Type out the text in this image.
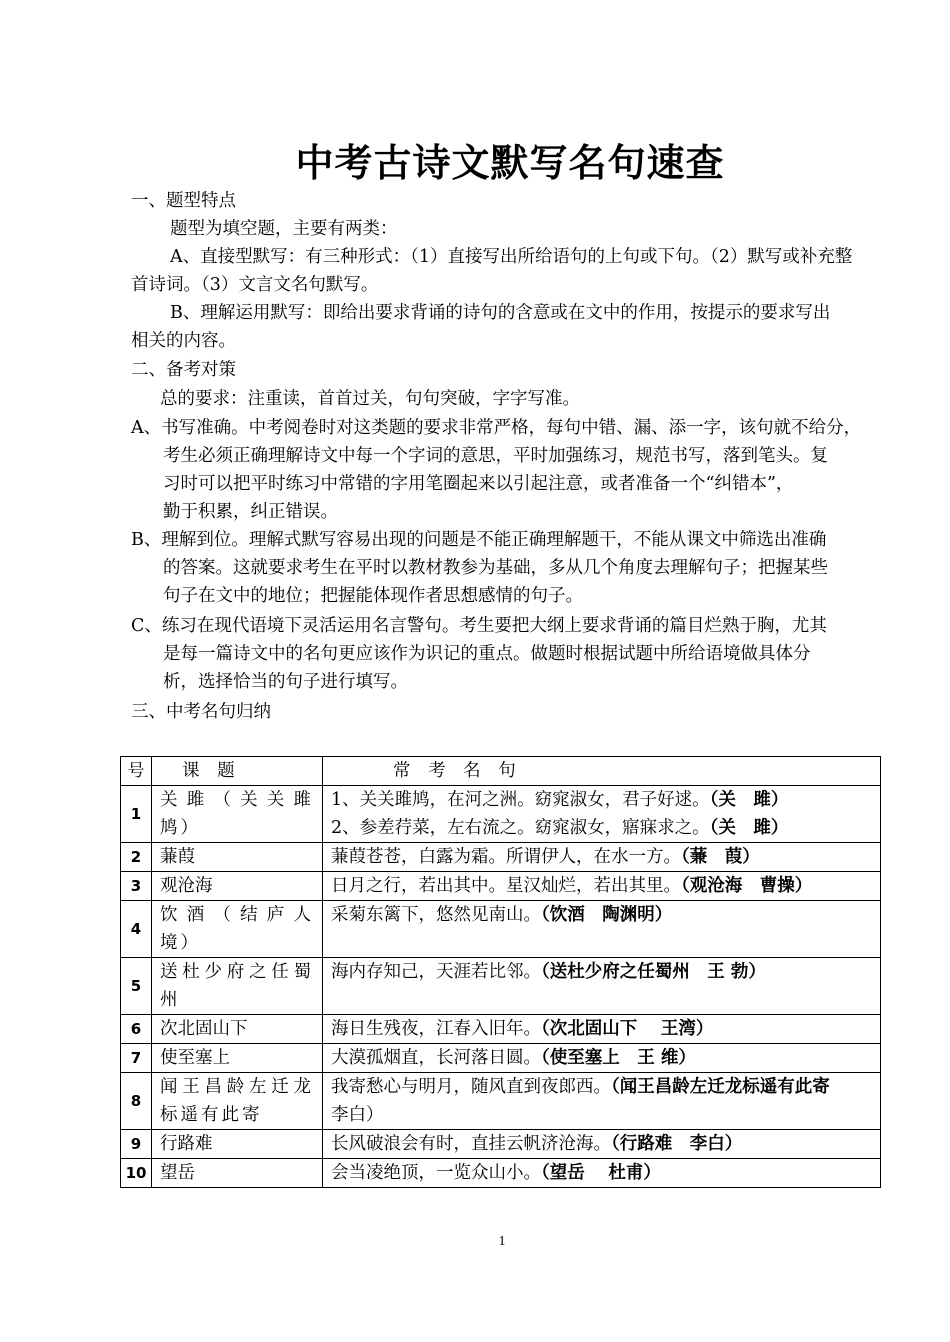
中考古诗文默写名句速查
一、题型特点
题型为填空题，主要有两类：
A、直接型默写：有三种形式：（1）直接写出所给语句的上句或下句。（2）默写或补充整
首诗词。（3）文言文名句默写。
B、理解运用默写：即给出要求背诵的诗句的含意或在文中的作用，按提示的要求写出
相关的内容。
二、备考对策
总的要求：注重读，首首过关，句句突破，字字写准。
A、书写准确。中考阅卷时对这类题的要求非常严格，每句中错、漏、添一字，该句就不给分，
考生必须正确理解诗文中每一个字词的意思，平时加强练习，规范书写，落到笔头。复
习时可以把平时练习中常错的字用笔圈起来以引起注意，或者准备一个“纠错本”，
勤于积累，纠正错误。
B、理解到位。理解式默写容易出现的问题是不能正确理解题干，不能从课文中筛选出准确
的答案。这就要求考生在平时以教材教参为基础，多从几个角度去理解句子；把握某些
句子在文中的地位；把握能体现作者思想感情的句子。
C、练习在现代语境下灵活运用名言警句。考生要把大纲上要求背诵的篇目烂熟于胸，尤其
是每一篇诗文中的名句更应该作为识记的重点。做题时根据试题中所给语境做具体分
析，选择恰当的句子进行填写。
三、中考名句归纳
号	课 题	常 考 名 句
1	关雎（关关雎鸠）	1、关关雎鸠，在河之洲。窈窕淑女，君子好逑。（关　雎）
2、参差荇菜，左右流之。窈窕淑女，寤寐求之。（关　雎）

2	蒹葭	蒹葭苍苍，白露为霜。所谓伊人，在水一方。（蒹　葭）
3	观沧海	日月之行，若出其中。星汉灿烂，若出其里。（观沧海　曹操）
4	饮酒（结庐人境）	采菊东篱下，悠然见南山。（饮酒　陶渊明）
5	送杜少府之任蜀州	海内存知己，天涯若比邻。（送杜少府之任蜀州　王 勃）
6	次北固山下	海日生残夜，江春入旧年。（次北固山下　 王湾）
7	使至塞上	大漠孤烟直，长河落日圆。（使至塞上　王 维）
8	闻王昌龄左迁龙标遥有此寄	我寄愁心与明月，随风直到夜郎西。（闻王昌龄左迁龙标遥有此寄
李白）

9	行路难	长风破浪会有时，直挂云帆济沧海。（行路难　李白）
10	望岳	会当凌绝顶，一览众山小。（望岳　 杜甫）
1
